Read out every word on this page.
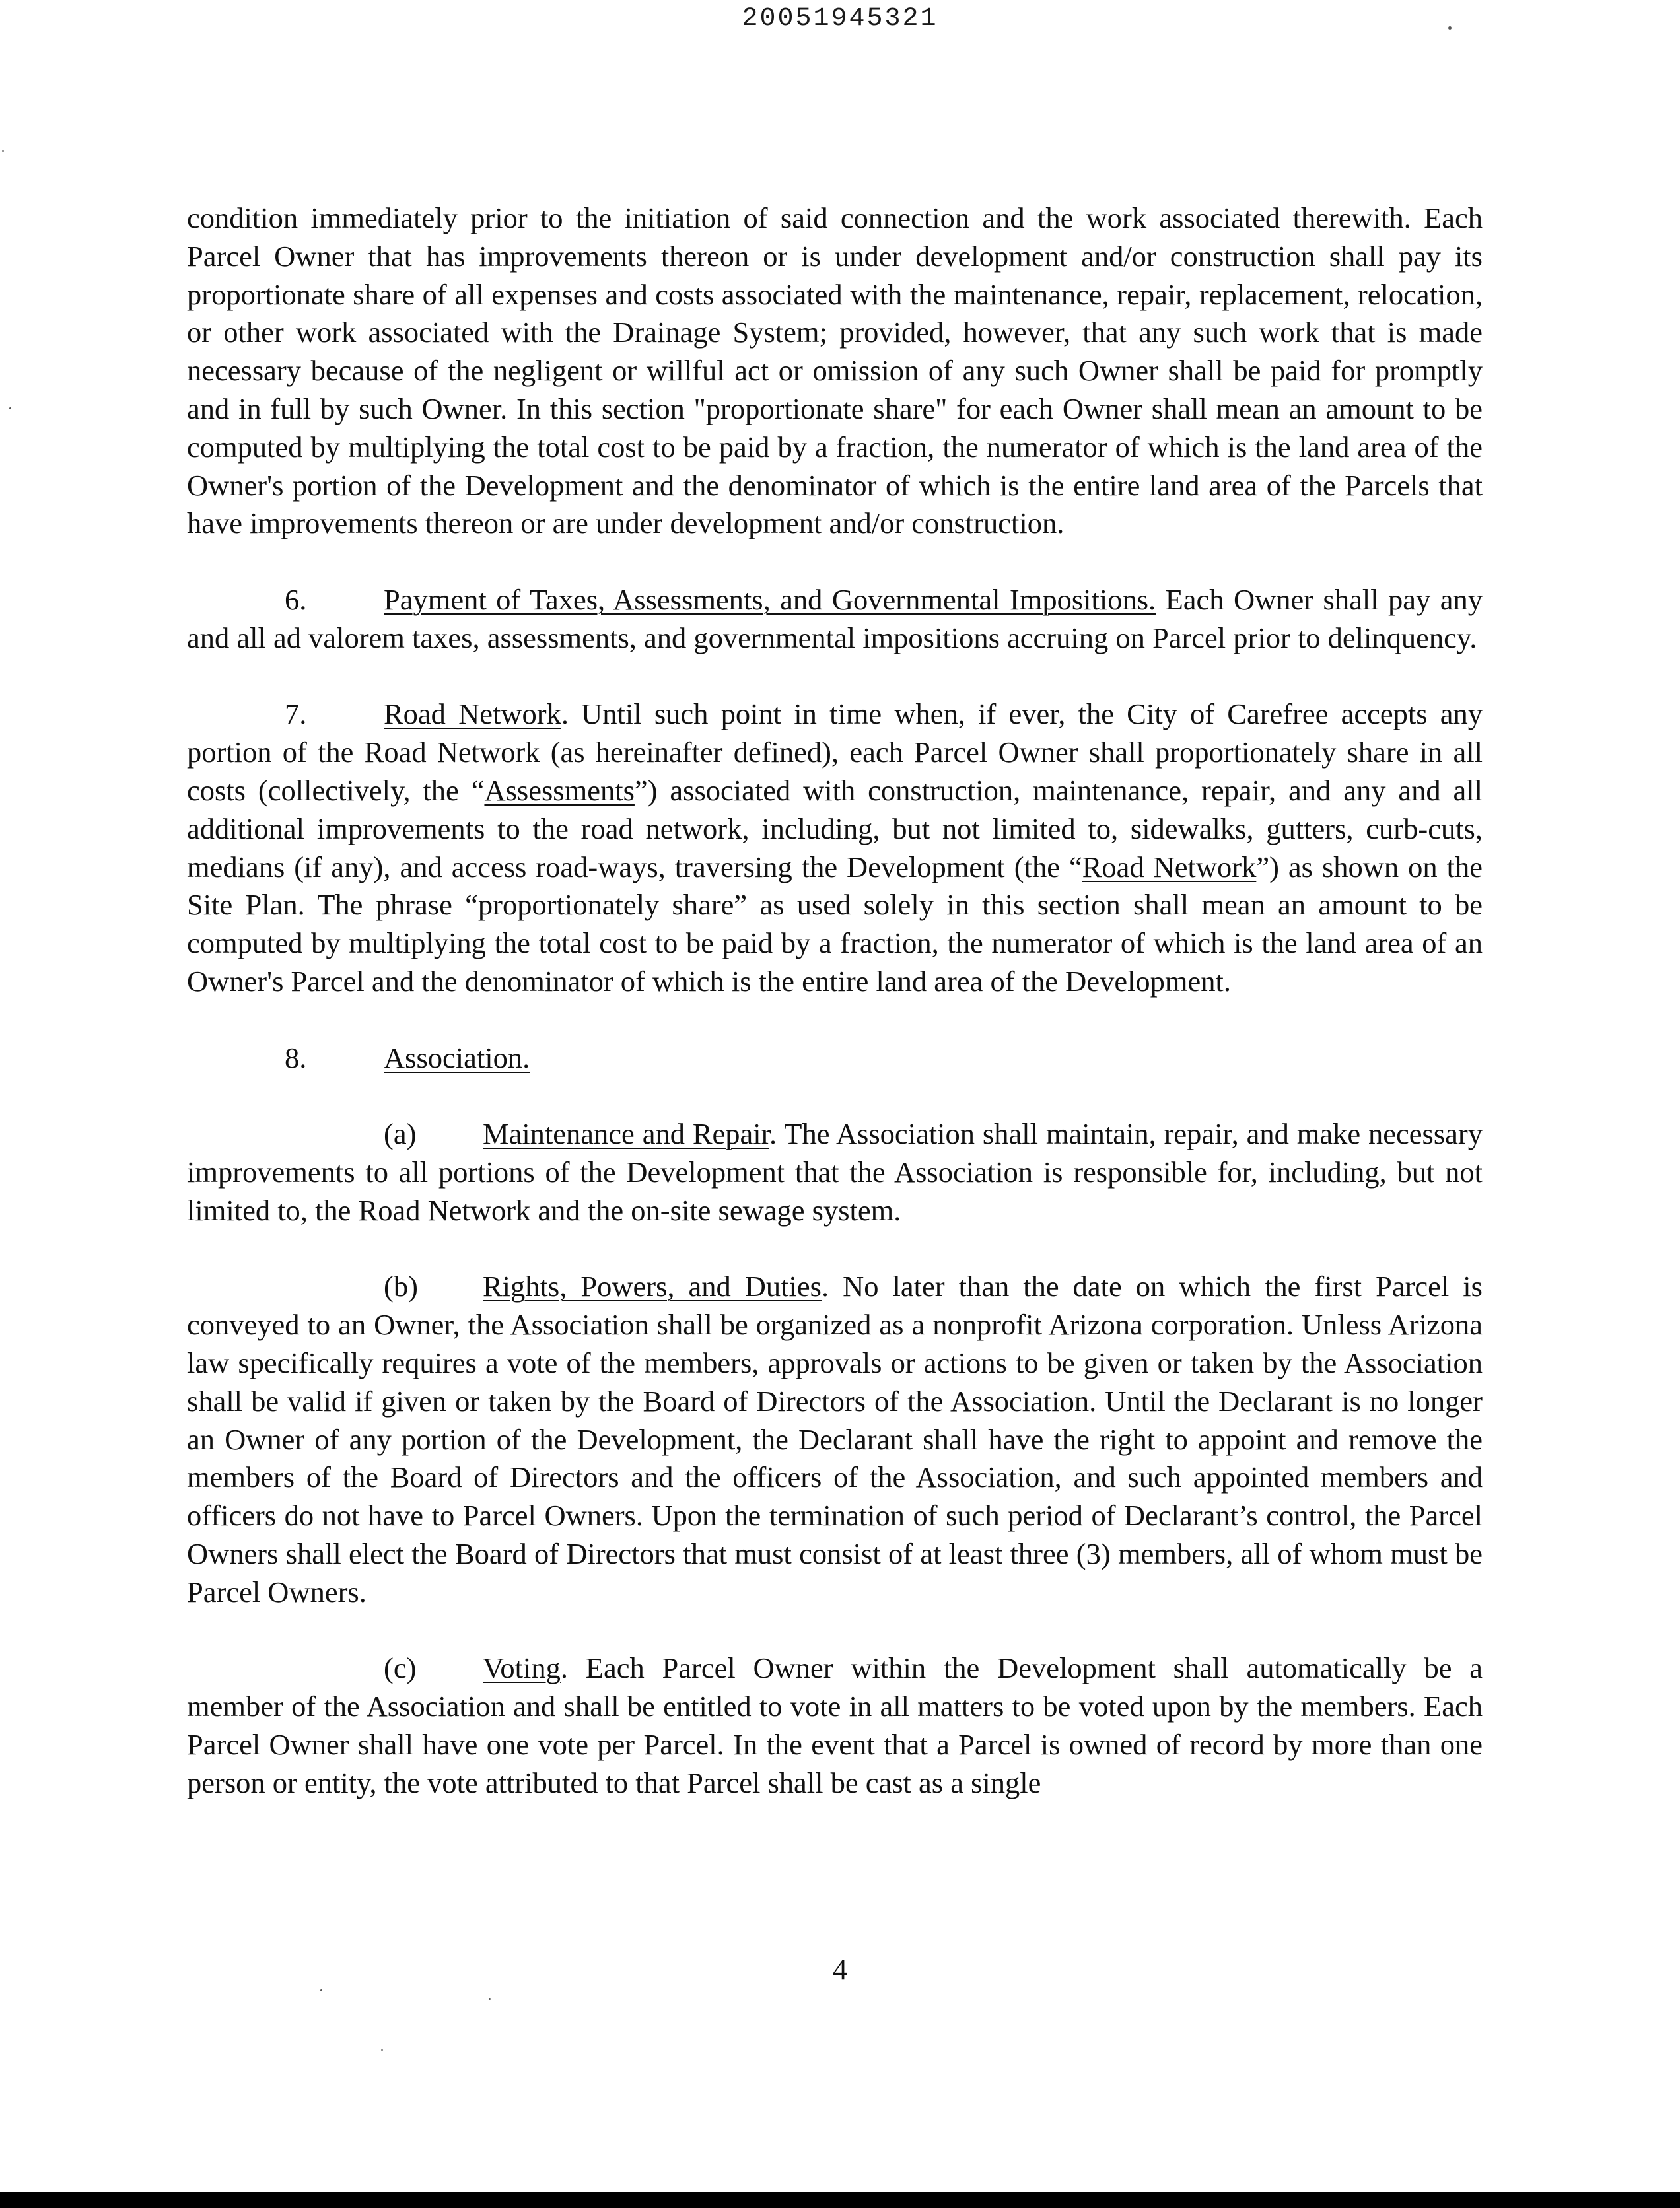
20051945321

condition immediately prior to the initiation of said connection and the work associated therewith. Each Parcel Owner that has improvements thereon or is under development and/or construction shall pay its proportionate share of all expenses and costs associated with the maintenance, repair, replacement, relocation, or other work associated with the Drainage System; provided, however, that any such work that is made necessary because of the negligent or willful act or omission of any such Owner shall be paid for promptly and in full by such Owner. In this section "proportionate share" for each Owner shall mean an amount to be computed by multiplying the total cost to be paid by a fraction, the numerator of which is the land area of the Owner's portion of the Development and the denominator of which is the entire land area of the Parcels that have improvements thereon or are under development and/or construction.

6.	Payment of Taxes, Assessments, and Governmental Impositions. Each Owner shall pay any and all ad valorem taxes, assessments, and governmental impositions accruing on Parcel prior to delinquency.

7.	Road Network. Until such point in time when, if ever, the City of Carefree accepts any portion of the Road Network (as hereinafter defined), each Parcel Owner shall proportionately share in all costs (collectively, the “Assessments”) associated with construction, maintenance, repair, and any and all additional improvements to the road network, including, but not limited to, sidewalks, gutters, curb-cuts, medians (if any), and access road-ways, traversing the Development (the “Road Network”) as shown on the Site Plan. The phrase “proportionately share” as used solely in this section shall mean an amount to be computed by multiplying the total cost to be paid by a fraction, the numerator of which is the land area of an Owner's Parcel and the denominator of which is the entire land area of the Development.

8.	Association.

(a) Maintenance and Repair. The Association shall maintain, repair, and make necessary improvements to all portions of the Development that the Association is responsible for, including, but not limited to, the Road Network and the on-site sewage system.

(b) Rights, Powers, and Duties. No later than the date on which the first Parcel is conveyed to an Owner, the Association shall be organized as a nonprofit Arizona corporation. Unless Arizona law specifically requires a vote of the members, approvals or actions to be given or taken by the Association shall be valid if given or taken by the Board of Directors of the Association. Until the Declarant is no longer an Owner of any portion of the Development, the Declarant shall have the right to appoint and remove the members of the Board of Directors and the officers of the Association, and such appointed members and officers do not have to Parcel Owners. Upon the termination of such period of Declarant’s control, the Parcel Owners shall elect the Board of Directors that must consist of at least three (3) members, all of whom must be Parcel Owners.

(c) Voting. Each Parcel Owner within the Development shall automatically be a member of the Association and shall be entitled to vote in all matters to be voted upon by the members. Each Parcel Owner shall have one vote per Parcel. In the event that a Parcel is owned of record by more than one person or entity, the vote attributed to that Parcel shall be cast as a single

4
